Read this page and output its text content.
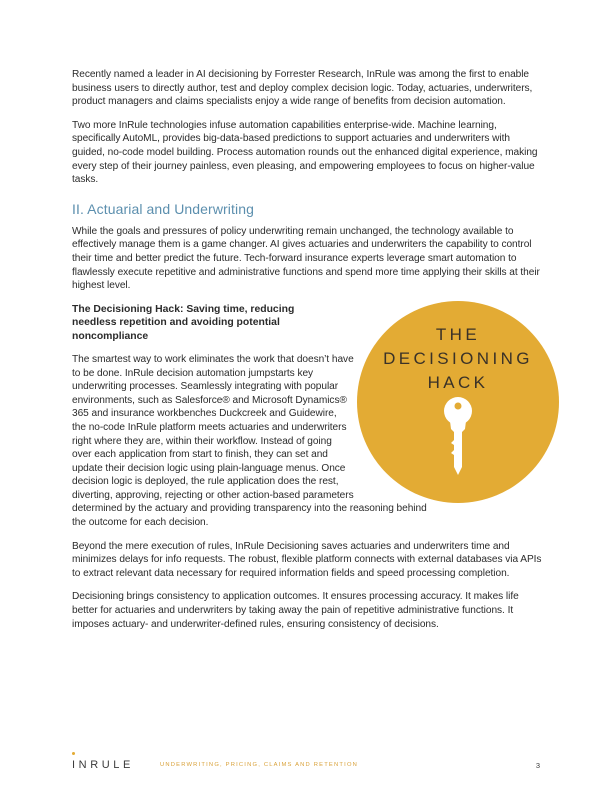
Recently named a leader in AI decisioning by Forrester Research, InRule was among the first to enable business users to directly author, test and deploy complex decision logic. Today, actuaries, underwriters, product managers and claims specialists enjoy a wide range of benefits from decision automation.

Two more InRule technologies infuse automation capabilities enterprise-wide. Machine learning, specifically AutoML, provides big-data-based predictions to support actuaries and underwriters with guided, no-code model building. Process automation rounds out the enhanced digital experience, making every step of their journey painless, even pleasing, and empowering employees to focus on higher-value tasks.

II. Actuarial and Underwriting

While the goals and pressures of policy underwriting remain unchanged, the technology available to effectively manage them is a game changer. AI gives actuaries and underwriters the capability to control their time and better predict the future. Tech-forward insurance experts leverage smart automation to flawlessly execute repetitive and administrative functions and spend more time applying their skills at their highest level.

THE
DECISIONING
HACK
The Decisioning Hack: Saving time, reducing needless repetition and avoiding potential noncompliance

The smartest way to work eliminates the work that doesn’t have to be done. InRule decision automation jumpstarts key underwriting processes. Seamlessly integrating with popular environments, such as Salesforce® and Microsoft Dynamics® 365 and insurance workbenches Duckcreek and Guidewire, the no-code InRule platform meets actuaries and underwriters right where they are, within their workflow. Instead of going over each application from start to finish, they can set and update their decision logic using plain-language menus. Once decision logic is deployed, the rule application does the rest, diverting, approving, rejecting or other action-based parameters determined by the actuary and providing transparency into the reasoning behind the outcome for each decision.

Beyond the mere execution of rules, InRule Decisioning saves actuaries and underwriters time and minimizes delays for info requests. The robust, flexible platform connects with external databases via APIs to extract relevant data necessary for required information fields and speed processing completion.

Decisioning brings consistency to application outcomes. It ensures processing accuracy. It makes life better for actuaries and underwriters by taking away the pain of repetitive administrative functions. It imposes actuary- and underwriter-defined rules, ensuring consistency of decisions.

INRULE	UNDERWRITING, PRICING, CLAIMS AND RETENTION	3
